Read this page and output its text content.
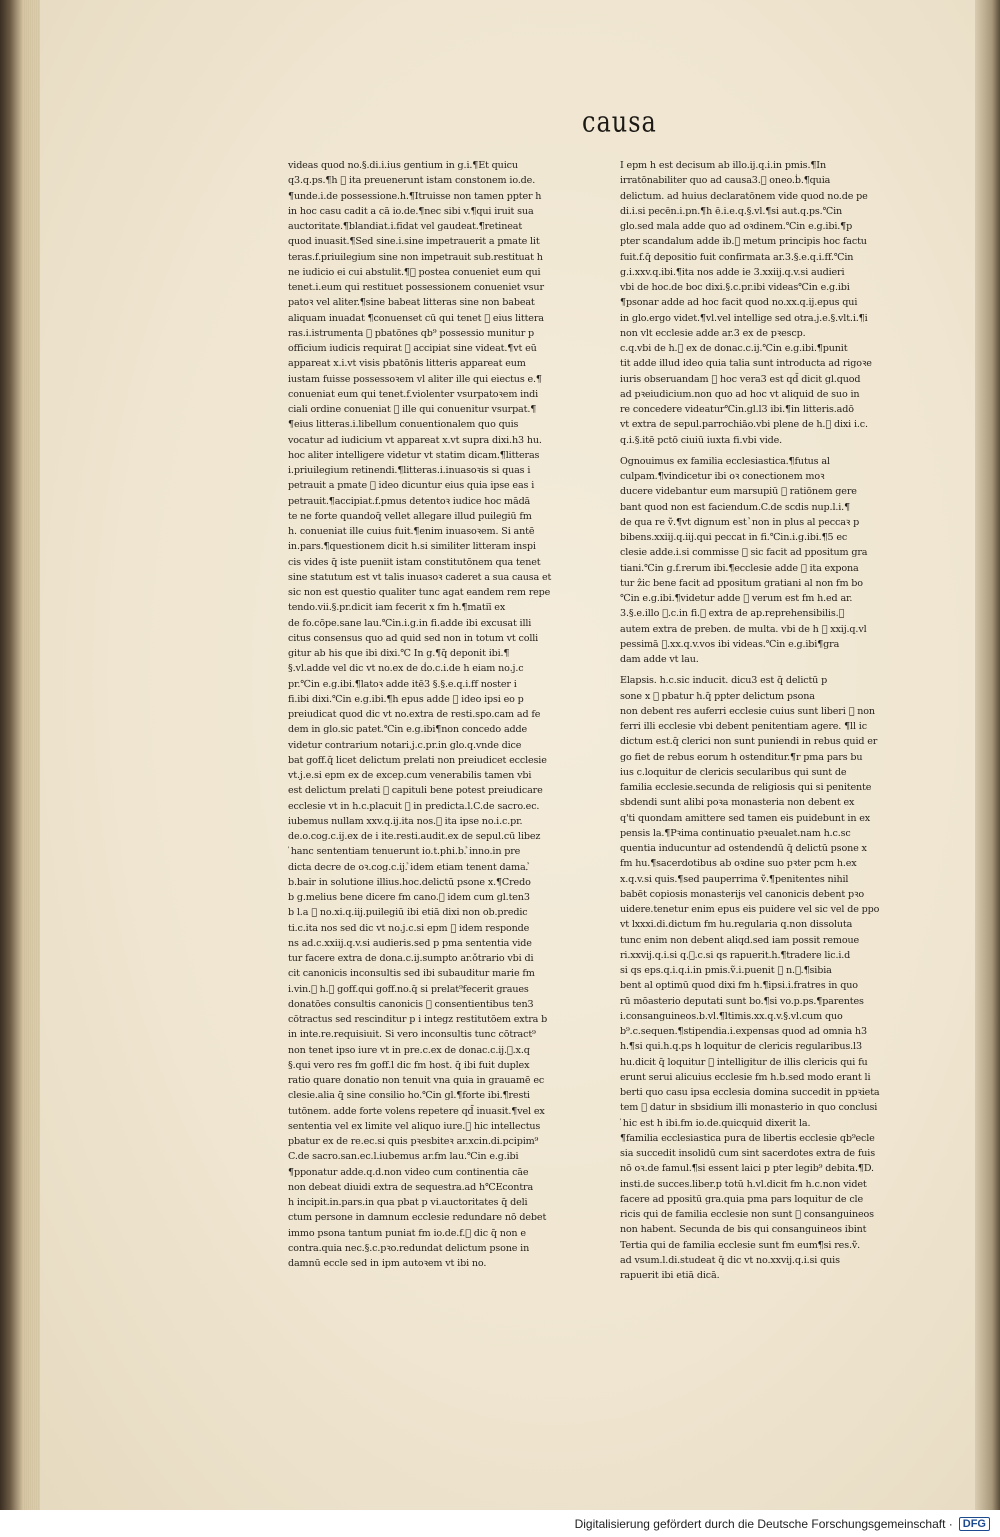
causa
videas quod no.§.di.i.ius gentium in g.i.¶Et quicu
q3.q.ps.¶h ᷤ ita preuenerunt istam constonem io.de.
¶unde.i.de possessione.h.¶Itruisse non tamen ppter h
in hoc casu cadit a cā io.de.¶nec sibi v.¶qui iruit sua
auctoritate.¶blandiat.i.fidat vel gaudeat.¶retineat
quod inuasit.¶Sed sine.i.sine impetrauerit a pmate lit
teras.f.priuilegium sine non impetrauit sub.restituat h
ne iudicio ei cui abstulit.¶ᷤ postea conueniet eum qui
tenet.i.eum qui restituet possessionem conueniet vsur
patoꝛ vel aliter.¶sine babeat litteras sine non babeat
aliquam inuadat ¶conuenset cū qui tenet ᷤ eius littera
ras.i.istrumenta ᷤ pbatōnes qb⁹ possessio munitur p
officium iudicis requirat ᷤ accipiat sine videat.¶vt eū
appareat x.i.vt visis pbatōnis litteris appareat eum
iustam fuisse possessoꝛem vl aliter ille qui eiectus e.¶
conueniat eum qui tenet.f.violenter vsurpatoꝛem indi
ciali ordine conueniat ᷤ ille qui conuenitur vsurpat.¶
¶eius litteras.i.libellum conuentionalem quo quis
vocatur ad iudicium vt appareat x.vt supra dixi.h3 hu.
hoc aliter intelligere videtur vt statim dicam.¶litteras
i.priuilegium retinendi.¶litteras.i.inuasoꝛis si quas i
petrauit a pmate ᷤ ideo dicuntur eius quia ipse eas i
petrauit.¶accipiat.f.pmus detentoꝛ iudice hoc mādā
te ne forte quandoq̄ vellet allegare illud puilegiū fm
h. conueniat ille cuius fuit.¶enim inuasoꝛem. Si antē
in.pars.¶questionem dicit h.si similiter litteram inspi
cis vides q̄ iste pueniit istam constitutōnem qua tenet
sine statutum est vt talis inuasoꝛ caderet a sua causa et
sic non est questio qualiter tunc agat eandem rem repe
tendo.vii.§.pr.dicit iam fecerit x fm h.¶matiī ex
de fo.cōpe.sane lau.℃in.i.g.in fi.adde ibi excusat illi
citus consensus quo ad quid sed non in totum vt colli
gitur ab his que ibi dixi.℃ In g.¶q̄ deponit ibi.¶
§.vl.adde vel dic vt no.ex de ḋo.c.i.de h eiam no.j.c
pr.℃in e.g.ibi.¶latoꝛ adde itē3 §.§.e.q.i.ff noster i
fi.ibi dixi.℃in e.g.ibi.¶h epus adde ᷤ ideo ipsi eo p
preiudicat quod dic vt no.extra de resti.spo.cam ad fe
dem in glo.sic patet.℃in e.g.ibi¶non concedo adde
videtur contrarium notari.j.c.pr.in glo.q.vnde dice
bat goff.q̄ licet delictum prelati non preiudicet ecclesie
vt.j.e.si epm ex de excep.cum venerabilis tamen vbi
est delictum prelati ᷤ capituli bene potest preiudicare
ecclesie vt in h.c.placuit ᷤ in predicta.l.C.de sacro.ec.
iubemus nullam xxv.q.ij.ita nos.ᷤ ita ipse no.i.c.pr.
de.o.cog.c.ij.ex de i ite.resti.audit.ex de sepul.cū libez
ᷤ hanc sententiam tenuerunt io.t.phi.b.ᷤ inno.in pre
dicta decre de oꝛ.cog.c.ij.ᷤ idem etiam tenent dama.ᷤ
b.bair in solutione illius.hoc.delictū psone x.¶Credo
b g.melius bene dicere fm cano.ᷤ idem cum gl.ten3
b l.a ᷤ no.xi.q.iij.puilegiū ibi etiā dixi non ob.predic
ti.c.ita nos sed dic vt no.j.c.si epm ᷤ idem responde
ns ad.c.xxiij.q.v.si audieris.sed p pma sententia vide
tur facere extra de dona.c.ij.sumpto ar.ǒtrario vbi di
cit canonicis inconsultis sed ibi subauditur marie fm
i.vin.ᷤ h.ᷤ goff.qui goff.no.q̄ si prelat⁹fecerit graues
donatōes consultis canonicis ᷤ consentientibus ten3
cōtractus sed rescinditur p i integz restitutōem extra b
in inte.re.requisiuit. Si vero inconsultis tunc cōtract⁹
non tenet ipso iure vt in pre.c.ex de donac.c.ij.ᷤ.x.q
§.qui vero res fm goff.l dic fm host. q̄ ibi fuit duplex
ratio quare donatio non tenuit vna quia in grauamē ec
clesie.alia q̄ sine consilio ho.℃in gl.¶forte ibi.¶resti
tutōnem. adde forte volens repetere qd̄ inuasit.¶vel ex
sententia vel ex limite vel aliquo iure.ᷤ hic intellectus
pbatur ex de re.ec.si quis pꝛesbiteꝛ ar.xcin.di.pcipim⁹
C.de sacro.san.ec.l.iubemus ar.fm lau.℃in e.g.ibi
¶pponatur adde.q.d.non video cum continentia cāe
non debeat diuidi extra de sequestra.ad h℃Econtra
h incipit.in.pars.in qua pbat p vi.auctoritates q̄ deli
ctum persone in damnum ecclesie redundare nō debet
immo psona tantum puniat fm io.de.f.ᷤ dic q̄ non e
contra.quia nec.§.c.pꝛo.redundat delictum psone in
damnū eccle sed in ipm autoꝛem vt ibi no.
Ι epm h est decisum ab illo.ij.q.i.in pmis.¶In
irratōnabiliter quo ad causa3.ᷤ oneo.ḃ.¶quia
delictum. ad huius declaratōnem vide quod no.de pe
di.i.si pecēn.i.pn.¶h ē.i.e.q.§.vl.¶si aut.q.ps.℃in
glo.sed mala adde quo ad oꝛdinem.℃in e.g.ibi.¶p
pter scandalum adde ib.ᷤ metum principis hoc factu
fuit.f.q̄ depositio fuit confirmata ar.3.§.e.q.i.ff.℃in
g.i.xxv.q.ibi.¶ita nos adde ie 3.xxiij.q.v.si audieri
vbi de hoc.de boc dixi.§.c.pr.ibi videas℃in e.g.ibi
¶psonar adde ad hoc facit quod no.xx.q.ij.epus qui
in glo.ergo videt.¶vl.vel intellige sed otra.j.e.§.vlt.i.¶i
non vlt ecclesie adde ar.3 ex de pꝛescp.
c.q.vbi de h.ᷤ ex de donac.c.ij.℃in e.g.ibi.¶punit
tit adde illud ideo quia talia sunt introducta ad rigoꝛe
iuris obseruandam ᷤ hoc vera3 est qd̄ dicit gl.quod
ad pꝛeiudicium.non quo ad hoc vt aliquid de suo in
re concedere videatur℃in.gl.l3 ibi.¶in litteris.adō
vt extra de sepul.parrochiāo.vbi plene de h.ᷤ dixi i.c.
q.i.§.itē pctō ciuiū iuxta fi.vbi vide.
Ognouimus ex familia ecclesiastica.¶futus al
culpam.¶vindicetur ibi oꝛ conectionem moꝛ
ducere videbantur eum marsupiū ᷤ ratiōnem gere
bant quod non est faciendum.C.de scdis nup.l.i.¶
de qua re ṽ.¶vt dignum est ᷤ non in plus al peccaꝛ p
bibens.xxiij.q.iij.qui peccat in fi.℃in.i.g.ibi.¶5 ec
clesie adde.i.si commisse ᷤ sic facit ad ppositum gra
tiani.℃in g.f.rerum ibi.¶ecclesie adde ᷤ ita expona
tur ẑic bene facit ad ppositum gratiani al non fm bo
℃in e.g.ibi.¶videtur adde ᷤ verum est fm h.ed ar.
3.§.e.illo ᷤ.c.in fi.ᷤ extra de ap.reprehensibilis.ᷤ
autem extra de preben. de multa. vbi de h ᷤ xxij.q.vl
pessimā ᷤ.xx.q.v.vos ibi videas.℃in e.g.ibi¶gra
dam adde vt lau.
Elapsis. h.c.sic inducit. dicu3 est q̄ delictū p
sone x ᷤ pbatur h.q̄ ppter delictum psona
non debent res auferri ecclesie cuius sunt liberi ᷤ non
ferri illi ecclesie vbi debent penitentiam agere. ¶ll ic
dictum est.q̄ clerici non sunt puniendi in rebus quid er
go fiet de rebus eorum h ostenditur.¶r pma pars bu
ius c.loquitur de clericis secularibus qui sunt de
familia ecclesie.secunda de religiosis qui si penitente
sbdendi sunt alibi poꝛa monasteria non debent ex
q'ti quondam amittere sed tamen eis puidebunt in ex
pensis la.¶Pꝛima continuatio pꝛeualet.nam h.c.sc
quentia inducuntur ad ostendendū q̄ delictū psone x
fm hu.¶sacerdotibus ab oꝛdine suo pꝛter pcm h.ex
x.q.v.si quis.¶sed pauperrima ṽ.¶penitentes nihil
babēt copiosis monasterijs vel canonicis debent pꝛo
uidere.tenetur enim epus eis puidere vel sic vel de ppo
vt lxxxi.di.dictum fm hu.regularia q.non dissoluta
tunc enim non debent aliqd.sed iam possit remoue
ri.xxvij.q.i.si q.ᷤ.c.si qs rapuerit.h.¶tradere lic.i.d
si qs eps.q.i.q.i.in pmis.ṽ.i.puenit ᷤ n.ᷤ.¶sibia
bent al optimū quod dixi fm h.¶ipsi.i.fratres in quo
rū mōasterio deputati sunt bo.¶si vo.p.ps.¶parentes
i.consanguineos.b.vl.¶ltimis.xx.q.v.§.vl.cum quo
b⁹.c.sequen.¶stipendia.i.expensas quod ad omnia h3
h.¶si qui.h.q.ps h loquitur de clericis regularibus.l3
hu.dicit q̄ loquitur ᷤ intelligitur de illis clericis qui fu
erunt serui alicuius ecclesie fm h.b.sed modo erant li
berti quo casu ipsa ecclesia domina succedit in ppꝛieta
tem ᷤ datur in sbsidium illi monasterio in quo conclusi
ᷤ hic est h ibi.fm io.de.quicquid dixerit la.
¶familia ecclesiastica pura de libertis ecclesie qb⁹ecle
sia succedit insolidū cum sint sacerdotes extra de fuis
nō oꝛ.de famul.¶si essent laici p pter legib⁹ debita.¶D.
insti.de succes.liber.p totū h.vl.dicit fm h.c.non videt
facere ad ppositū gra.quia pma pars loquitur de cle
ricis qui de familia ecclesie non sunt ᷤ consanguineos
non habent. Secunda de bis qui consanguineos ibint
Tertia qui de familia ecclesie sunt fm eum¶si res.ṽ.
ad vsum.l.di.studeat q̄ dic vt no.xxvij.q.i.si quis
rapuerit ibi etiā dicā.
Digitalisierung gefördert durch die Deutsche Forschungsgemeinschaft · DFG
